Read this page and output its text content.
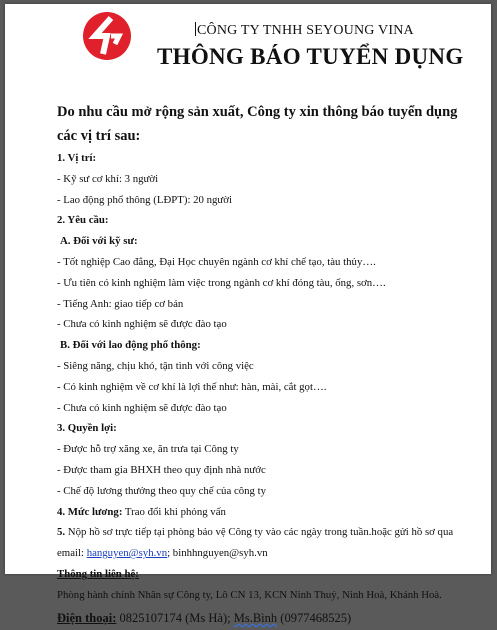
CÔNG TY TNHH SEYOUNG VINA
THÔNG BÁO TUYỂN DỤNG
Do nhu cầu mở rộng sản xuất, Công ty xin thông báo tuyển dụng các vị trí sau:
1. Vị trí:
- Kỹ sư cơ khí: 3 người
- Lao động phổ thông (LĐPT): 20 người
2. Yêu cầu:
A. Đối với kỹ sư:
- Tốt nghiệp Cao đẳng, Đại Học chuyên ngành cơ khí chế tạo, tàu thủy….
- Ưu tiên có kinh nghiệm làm việc trong ngành cơ khí đóng tàu, ống, sơn….
- Tiếng Anh: giao tiếp cơ bản
- Chưa có kinh nghiệm sẽ được đào tạo
B. Đối với lao động phổ thông:
- Siêng năng, chịu khó, tận tình với công việc
- Có kinh nghiệm về cơ khí là lợi thế như: hàn, mài, cắt gọt….
- Chưa có kinh nghiệm sẽ được đào tạo
3. Quyền lợi:
- Được hỗ trợ xăng xe, ăn trưa tại Công ty
- Được tham gia BHXH theo quy định nhà nước
- Chế độ lương thưởng theo quy chế của công ty
4. Mức lương: Trao đổi khi phỏng vấn
5. Nộp hồ sơ trực tiếp tại phòng bảo vệ Công ty vào các ngày trong tuần.hoặc gửi hồ sơ qua
email: hanguyen@syh.vn; binhhnguyen@syh.vn
Thông tin liên hệ:
Phòng hành chính Nhân sự Công ty, Lô CN 13, KCN Ninh Thuỷ, Ninh Hoà, Khánh Hoà.
Điện thoại: 0825107174 (Ms Hà); Ms.Bình (0977468525)
